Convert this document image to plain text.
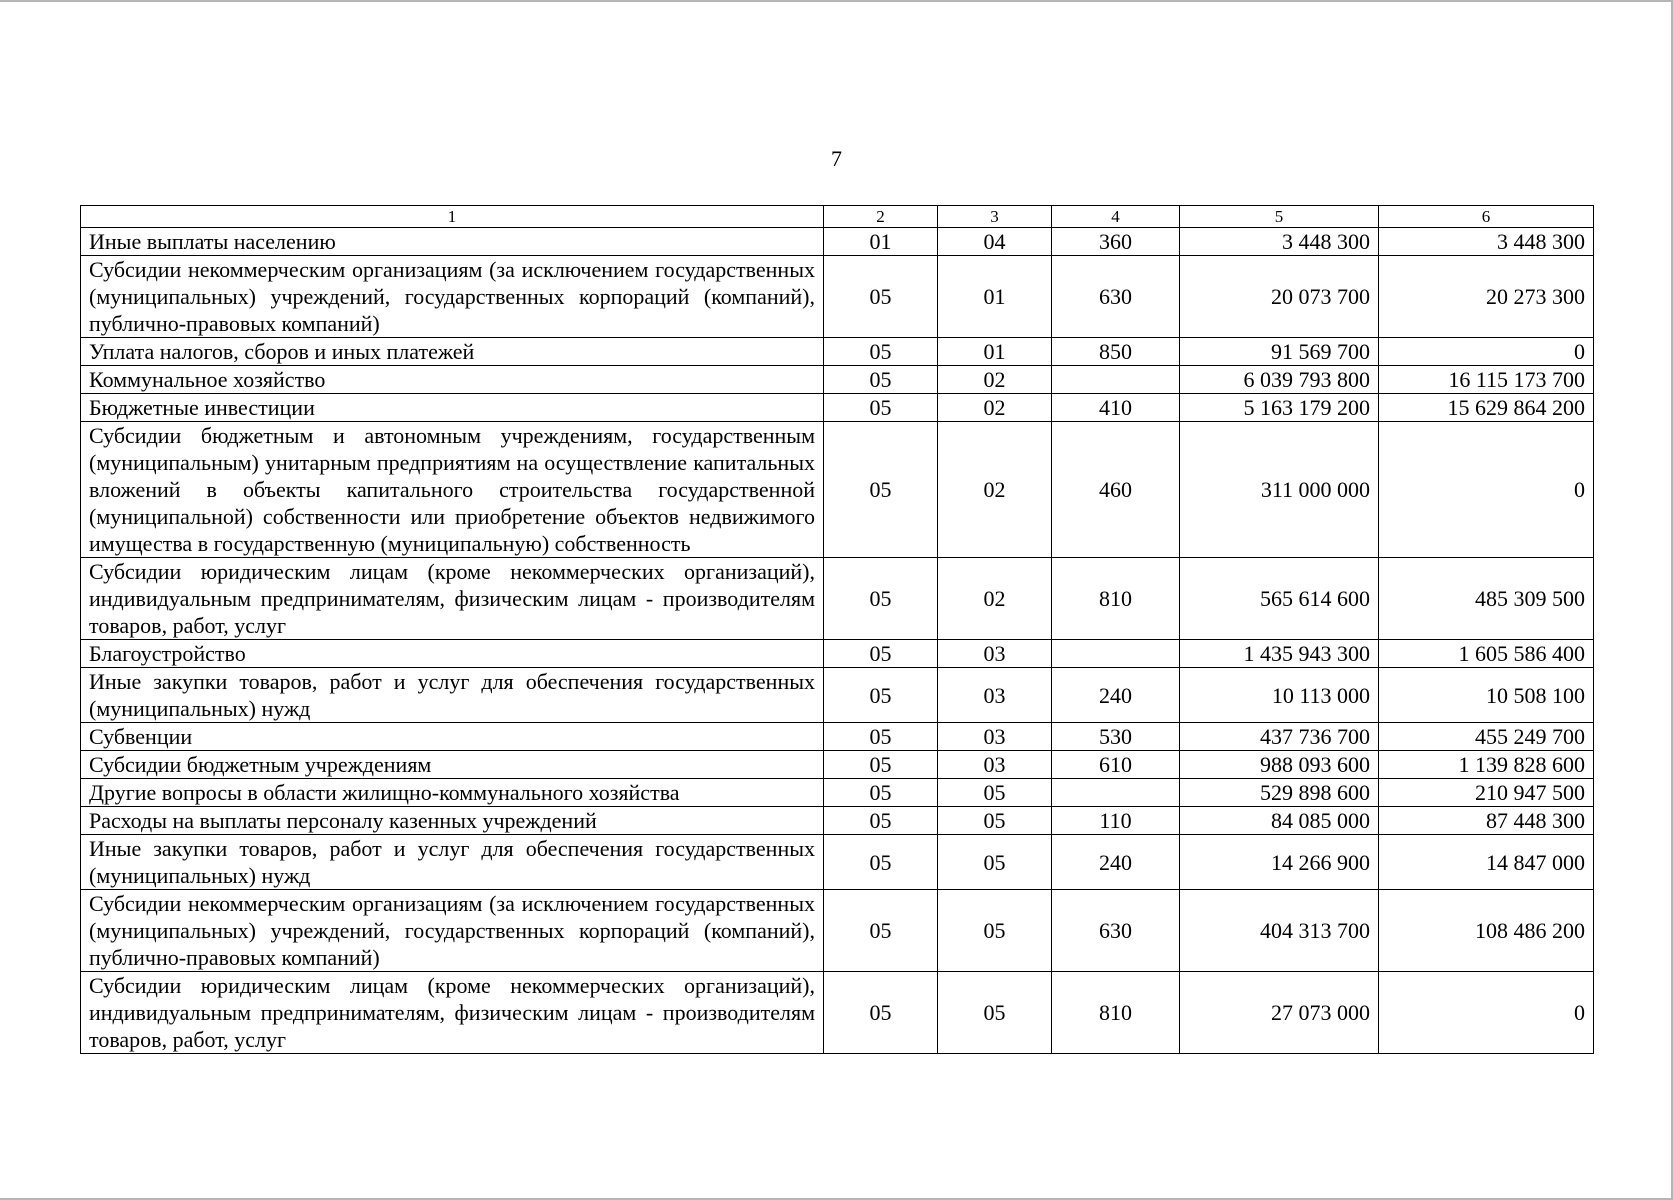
7
1	2	3	4	5	6
Иные выплаты населению	01	04	360	3 448 300	3 448 300
Субсидии некоммерческим организациям (за исключением государственных (муниципальных) учреждений, государственных корпораций (компаний), публично-правовых компаний)	05	01	630	20 073 700	20 273 300
Уплата налогов, сборов и иных платежей	05	01	850	91 569 700	0
Коммунальное хозяйство	05	02		6 039 793 800	16 115 173 700
Бюджетные инвестиции	05	02	410	5 163 179 200	15 629 864 200
Субсидии бюджетным и автономным учреждениям, государственным (муниципальным) унитарным предприятиям на осуществление капитальных вложений в объекты капитального строительства государственной (муниципальной) собственности или приобретение объектов недвижимого имущества в государственную (муниципальную) собственность	05	02	460	311 000 000	0
Субсидии юридическим лицам (кроме некоммерческих организаций), индивидуальным предпринимателям, физическим лицам - производителям товаров, работ, услуг	05	02	810	565 614 600	485 309 500
Благоустройство	05	03		1 435 943 300	1 605 586 400
Иные закупки товаров, работ и услуг для обеспечения государственных (муниципальных) нужд	05	03	240	10 113 000	10 508 100
Субвенции	05	03	530	437 736 700	455 249 700
Субсидии бюджетным учреждениям	05	03	610	988 093 600	1 139 828 600
Другие вопросы в области жилищно-коммунального хозяйства	05	05		529 898 600	210 947 500
Расходы на выплаты персоналу казенных учреждений	05	05	110	84 085 000	87 448 300
Иные закупки товаров, работ и услуг для обеспечения государственных (муниципальных) нужд	05	05	240	14 266 900	14 847 000
Субсидии некоммерческим организациям (за исключением государственных (муниципальных) учреждений, государственных корпораций (компаний), публично-правовых компаний)	05	05	630	404 313 700	108 486 200
Субсидии юридическим лицам (кроме некоммерческих организаций), индивидуальным предпринимателям, физическим лицам - производителям товаров, работ, услуг	05	05	810	27 073 000	0
